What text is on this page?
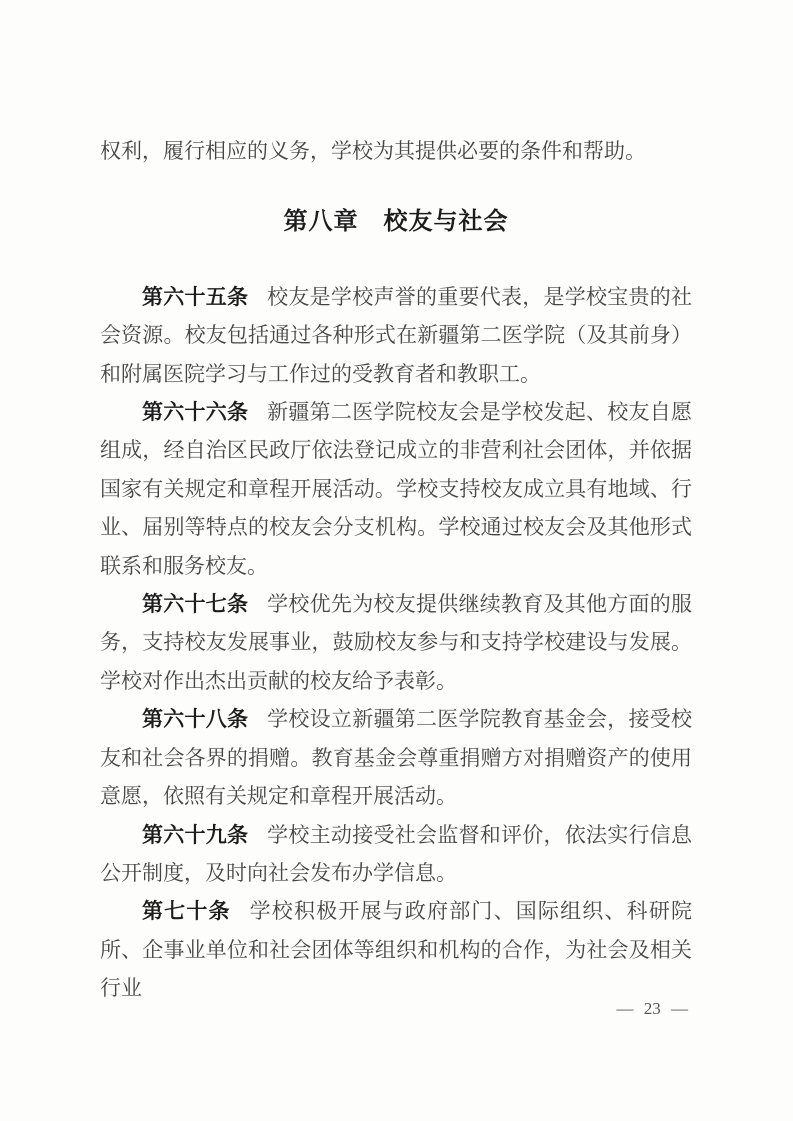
权利，履行相应的义务，学校为其提供必要的条件和帮助。

第八章　校友与社会

第六十五条 校友是学校声誉的重要代表，是学校宝贵的社会资源。校友包括通过各种形式在新疆第二医学院（及其前身）和附属医院学习与工作过的受教育者和教职工。

第六十六条 新疆第二医学院校友会是学校发起、校友自愿组成，经自治区民政厅依法登记成立的非营利社会团体，并依据国家有关规定和章程开展活动。学校支持校友成立具有地域、行业、届别等特点的校友会分支机构。学校通过校友会及其他形式联系和服务校友。

第六十七条 学校优先为校友提供继续教育及其他方面的服务，支持校友发展事业，鼓励校友参与和支持学校建设与发展。学校对作出杰出贡献的校友给予表彰。

第六十八条 学校设立新疆第二医学院教育基金会，接受校友和社会各界的捐赠。教育基金会尊重捐赠方对捐赠资产的使用意愿，依照有关规定和章程开展活动。

第六十九条 学校主动接受社会监督和评价，依法实行信息公开制度，及时向社会发布办学信息。

第七十条 学校积极开展与政府部门、国际组织、科研院所、企事业单位和社会团体等组织和机构的合作，为社会及相关行业

— 23 —
